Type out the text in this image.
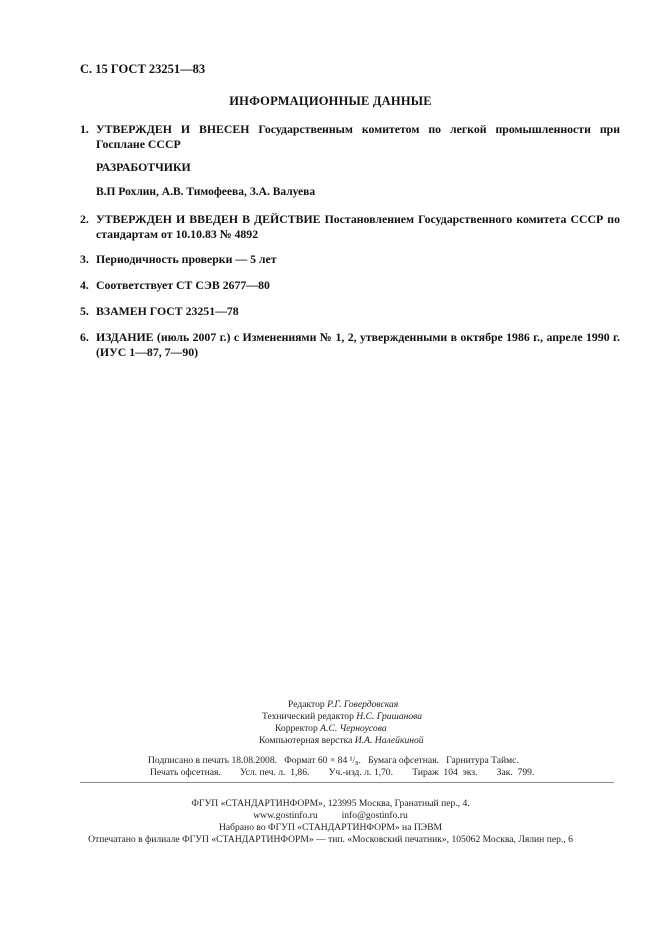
С. 15 ГОСТ 23251—83
ИНФОРМАЦИОННЫЕ ДАННЫЕ
1. УТВЕРЖДЕН И ВНЕСЕН Государственным комитетом по легкой промышленности при Госплане СССР
РАЗРАБОТЧИКИ
В.П Рохлин, А.В. Тимофеева, З.А. Валуева
2. УТВЕРЖДЕН И ВВЕДЕН В ДЕЙСТВИЕ Постановлением Государственного комитета СССР по стандартам от 10.10.83 № 4892
3. Периодичность проверки — 5 лет
4. Соответствует СТ СЭВ 2677—80
5. ВЗАМЕН ГОСТ 23251—78
6. ИЗДАНИЕ (июль 2007 г.) с Изменениями № 1, 2, утвержденными в октябре 1986 г., апреле 1990 г. (ИУС 1—87, 7—90)
Редактор Р.Г. Говердовская
Технический редактор Н.С. Гришанова
Корректор А.С. Черноусова
Компьютерная верстка И.А. Налейкиной
Подписано в печать 18.08.2008.   Формат 60 × 84 ¹/₈.   Бумага офсетная.   Гарнитура Таймс.
Печать офсетная.        Усл. печ. л.  1,86.        Уч.-изд. л. 1,70.        Тираж  104  экз.        Зак.  799.
ФГУП «СТАНДАРТИНФОРМ», 123995 Москва, Гранатный пер., 4.
www.gostinfo.ru          info@gostinfo.ru
Набрано во ФГУП «СТАНДАРТИНФОРМ» на ПЭВМ
Отпечатано в филиале ФГУП «СТАНДАРТИНФОРМ» — тип. «Московский печатник», 105062 Москва, Лялин пер., 6
